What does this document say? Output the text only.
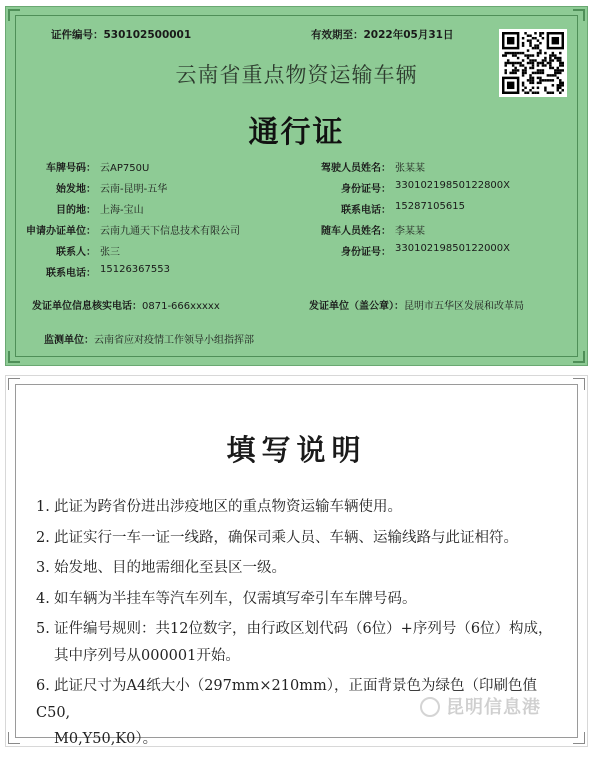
证件编号：530102500001	有效期至：2022年05月31日
云南省重点物资运输车辆
通行证
车牌号码： 云AP750U
始发地： 云南-昆明-五华
目的地： 上海-宝山
申请办证单位： 云南九通天下信息技术有限公司
联系人： 张三
联系电话： 15126367553
驾驶人员姓名： 张某某
身份证号： 33010219850122800X
联系电话： 15287105615
随车人员姓名： 李某某
身份证号： 33010219850122000X
发证单位信息核实电话：0871-666xxxxx	发证单位（盖公章）：昆明市五华区发展和改革局
监测单位：云南省应对疫情工作领导小组指挥部
填写说明
1. 此证为跨省份进出涉疫地区的重点物资运输车辆使用。
2. 此证实行一车一证一线路，确保司乘人员、车辆、运输线路与此证相符。
3. 始发地、目的地需细化至县区一级。
4. 如车辆为半挂车等汽车列车，仅需填写牵引车车牌号码。
5. 证件编号规则：共12位数字，由行政区划代码（6位）+序列号（6位）构成，
其中序列号从000001开始。
6. 此证尺寸为A4纸大小（297mm×210mm），正面背景色为绿色（印刷色值C50,
M0,Y50,K0）。
昆明信息港
